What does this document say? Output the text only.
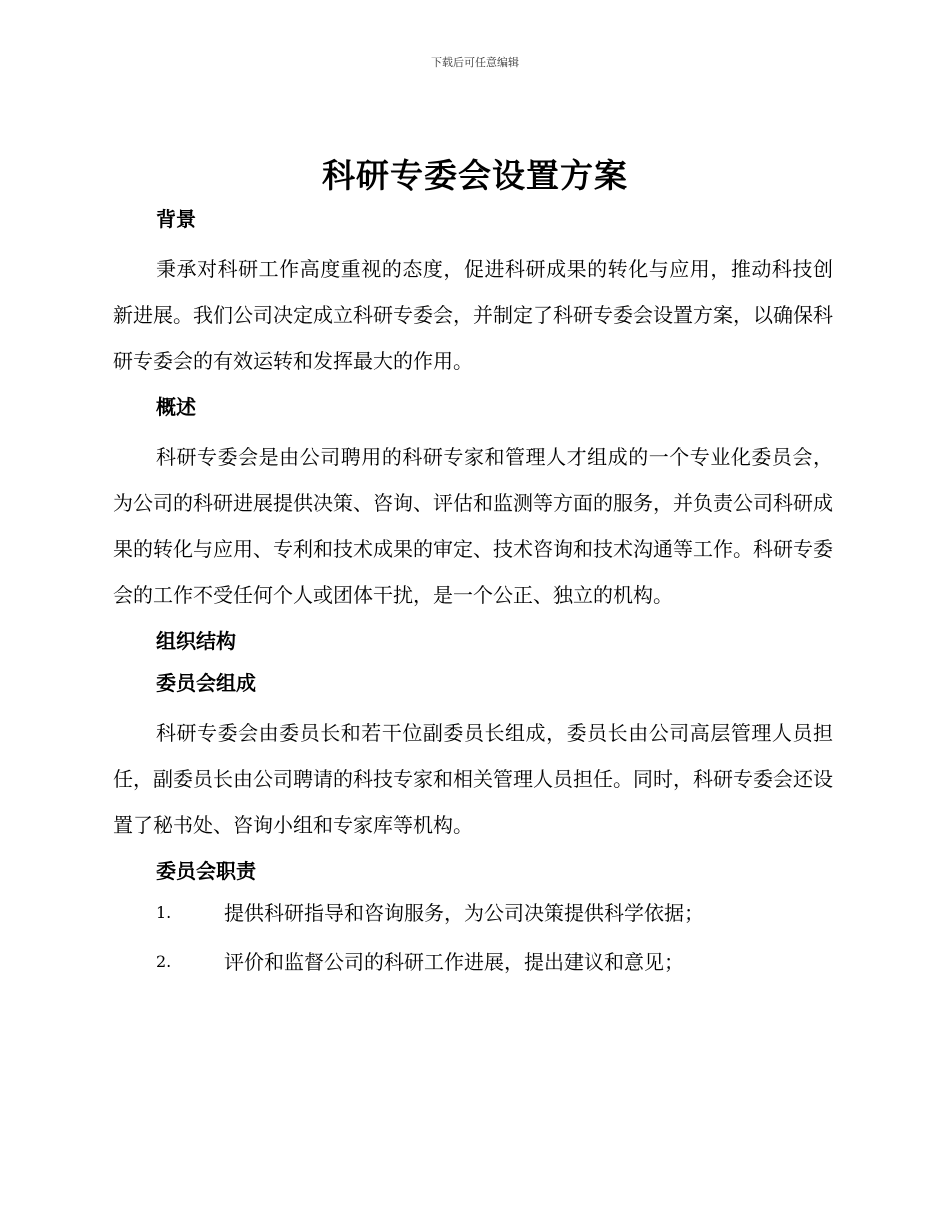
下载后可任意编辑
科研专委会设置方案
背景

秉承对科研工作高度重视的态度，促进科研成果的转化与应用，推动科技创新进展。我们公司决定成立科研专委会，并制定了科研专委会设置方案，以确保科研专委会的有效运转和发挥最大的作用。

概述

科研专委会是由公司聘用的科研专家和管理人才组成的一个专业化委员会，为公司的科研进展提供决策、咨询、评估和监测等方面的服务，并负责公司科研成果的转化与应用、专利和技术成果的审定、技术咨询和技术沟通等工作。科研专委会的工作不受任何个人或团体干扰，是一个公正、独立的机构。

组织结构
委员会组成

科研专委会由委员长和若干位副委员长组成，委员长由公司高层管理人员担任，副委员长由公司聘请的科技专家和相关管理人员担任。同时，科研专委会还设置了秘书处、咨询小组和专家库等机构。

委员会职责
1.	提供科研指导和咨询服务，为公司决策提供科学依据；
2.	评价和监督公司的科研工作进展，提出建议和意见；
